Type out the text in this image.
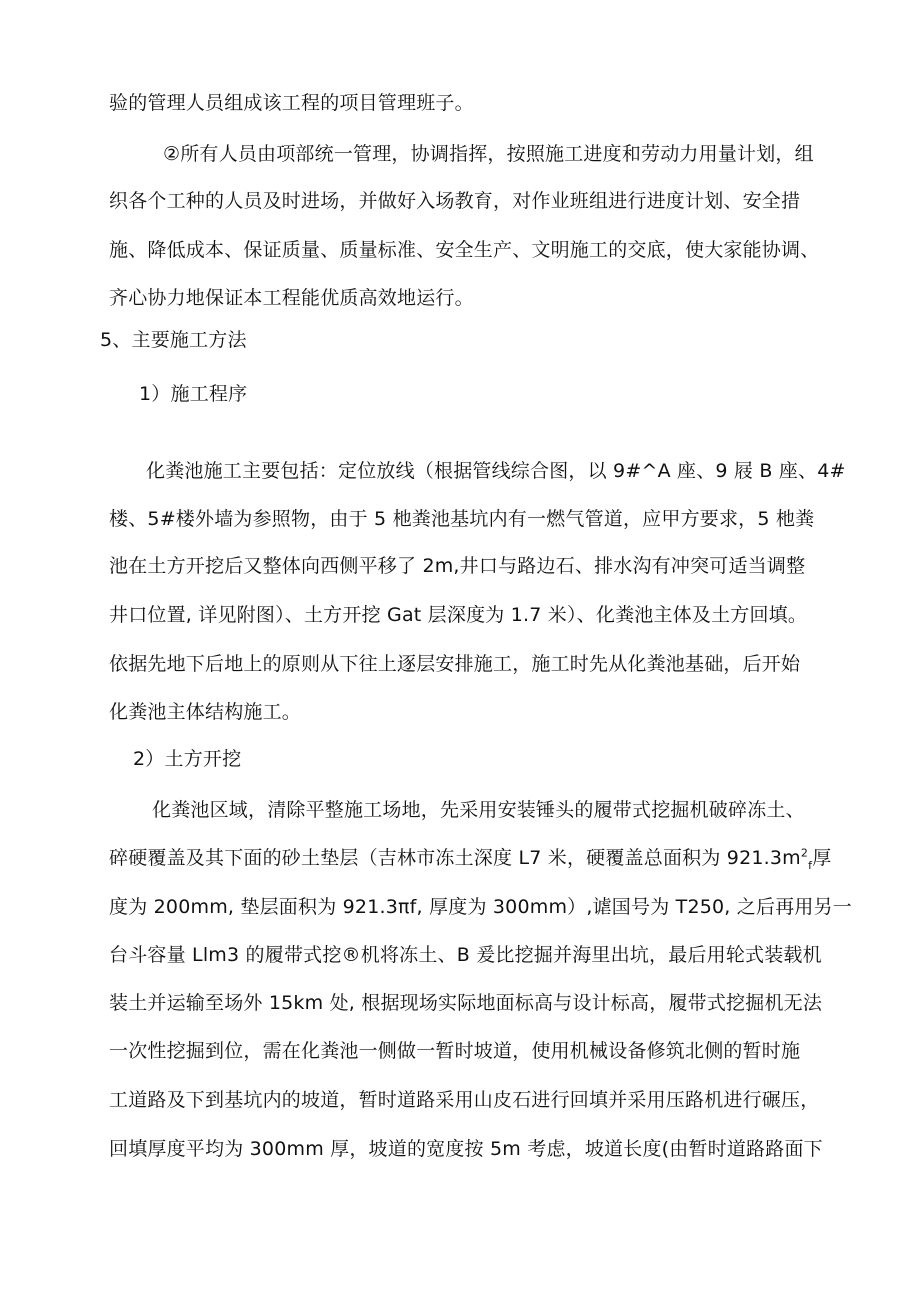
验的管理人员组成该工程的项目管理班子。
②所有人员由项部统一管理，协调指挥，按照施工进度和劳动力用量计划，组
织各个工种的人员及时进场，并做好入场教育，对作业班组进行进度计划、安全措
施、降低成本、保证质量、质量标准、安全生产、文明施工的交底，使大家能协调、
齐心协力地保证本工程能优质高效地运行。
5、主要施工方法
1）施工程序
化粪池施工主要包括：定位放线（根据管线综合图，以 9#^A 座、9 屐 B 座、4#
楼、5#楼外墙为参照物，由于 5 杝粪池基坑内有一燃气管道，应甲方要求，5 杝粪
池在土方开挖后又整体向西侧平移了 2m,井口与路边石、排水沟有冲突可适当调整
井口位置, 详见附图）、土方开挖 Gat 层深度为 1.7 米）、化粪池主体及土方回填。
依据先地下后地上的原则从下往上逐层安排施工，施工时先从化粪池基础，后开始
化粪池主体结构施工。
2）土方开挖
化粪池区域，清除平整施工场地，先采用安装锤头的履带式挖掘机破碎冻土、
碎硬覆盖及其下面的砂土垫层（吉林市冻土深度 L7 米，硬覆盖总面积为 $921.3m^2_f$厚
度为 200mm, 垫层面积为 921.3πf, 厚度为 300mm）,谑国号为 T250, 之后再用另一
台斗容量 Llm3 的履带式挖®机将冻土、B 爰比挖掘并海里出坑，最后用轮式装载机
装土并运输至场外 15km 处, 根据现场实际地面标高与设计标高，履带式挖掘机无法
一次性挖掘到位，需在化粪池一侧做一暂时坡道，使用机械设备修筑北侧的暂时施
工道路及下到基坑内的坡道，暂时道路采用山皮石进行回填并采用压路机进行碾压，
回填厚度平均为 300mm 厚，坡道的宽度按 5m 考虑，坡道长度(由暂时道路路面下
